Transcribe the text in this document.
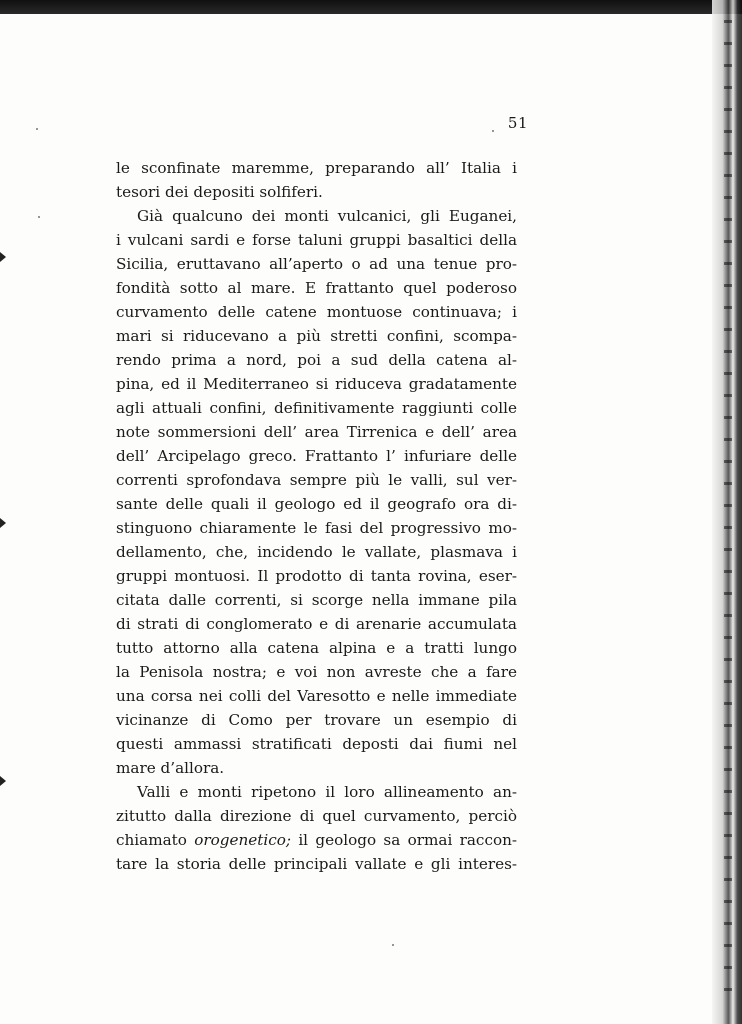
51
le sconfinate maremme, preparando all’ Italia i
tesori dei depositi solfiferi.
Già qualcuno dei monti vulcanici, gli Euganei,
i vulcani sardi e forse taluni gruppi basaltici della
Sicilia, eruttavano all’aperto o ad una tenue pro-
fondità sotto al mare. E frattanto quel poderoso
curvamento delle catene montuose continuava; i
mari si riducevano a più stretti confini, scompa-
rendo prima a nord, poi a sud della catena al-
pina, ed il Mediterraneo si riduceva gradatamente
agli attuali confini, definitivamente raggiunti colle
note sommersioni dell’ area Tirrenica e dell’ area
dell’ Arcipelago greco. Frattanto l’ infuriare delle
correnti sprofondava sempre più le valli, sul ver-
sante delle quali il geologo ed il geografo ora di-
stinguono chiaramente le fasi del progressivo mo-
dellamento, che, incidendo le vallate, plasmava i
gruppi montuosi. Il prodotto di tanta rovina, eser-
citata dalle correnti, si scorge nella immane pila
di strati di conglomerato e di arenarie accumulata
tutto attorno alla catena alpina e a tratti lungo
la Penisola nostra; e voi non avreste che a fare
una corsa nei colli del Varesotto e nelle immediate
vicinanze di Como per trovare un esempio di
questi ammassi stratificati deposti dai fiumi nel
mare d’allora.
Valli e monti ripetono il loro allineamento an-
zitutto dalla direzione di quel curvamento, perciò
chiamato orogenetico; il geologo sa ormai raccon-
tare la storia delle principali vallate e gli interes-
